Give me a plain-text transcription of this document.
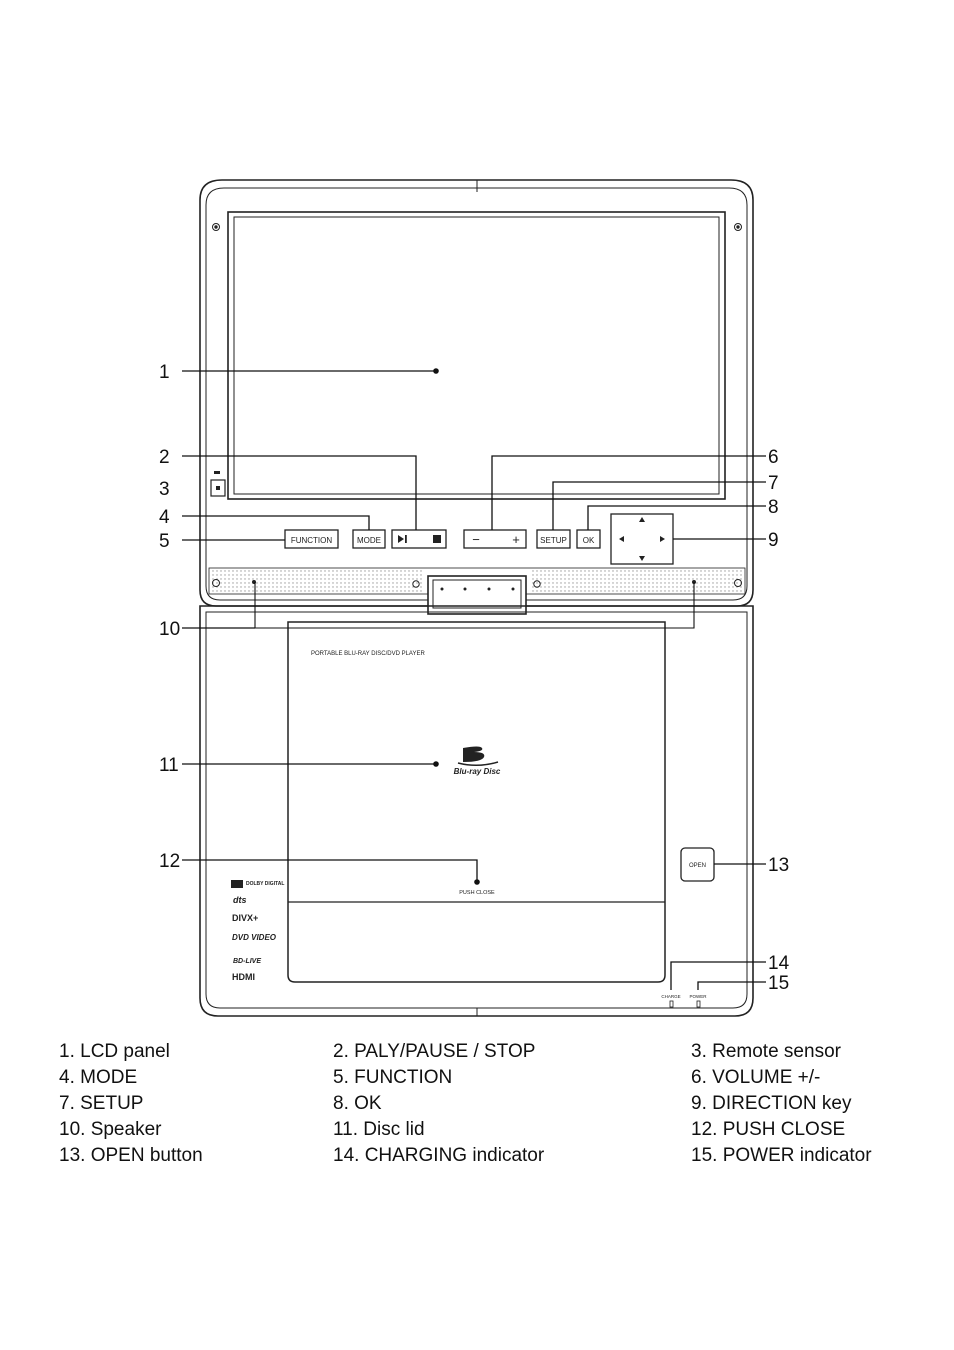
FUNCTION	MODE	− +	SETUP OK
PORTABLE BLU-RAY DISC/DVD PLAYER
PUSH CLOSE
Blu-ray Disc
OPEN
CHARGE POWER
DOLBY DIGITAL
dts
DIVX+
DVD VIDEO
BD-LIVE
HDMI
1
2
3
4
5
6
7
8
9
10
11
12	13
14
15
1. LCD panel	2. PALY/PAUSE / STOP	3. Remote sensor
4. MODE	5. FUNCTION	6. VOLUME +/-
7. SETUP	8. OK	9. DIRECTION key
10. Speaker	11. Disc lid	12. PUSH CLOSE
13. OPEN button	14. CHARGING indicator	15. POWER indicator
